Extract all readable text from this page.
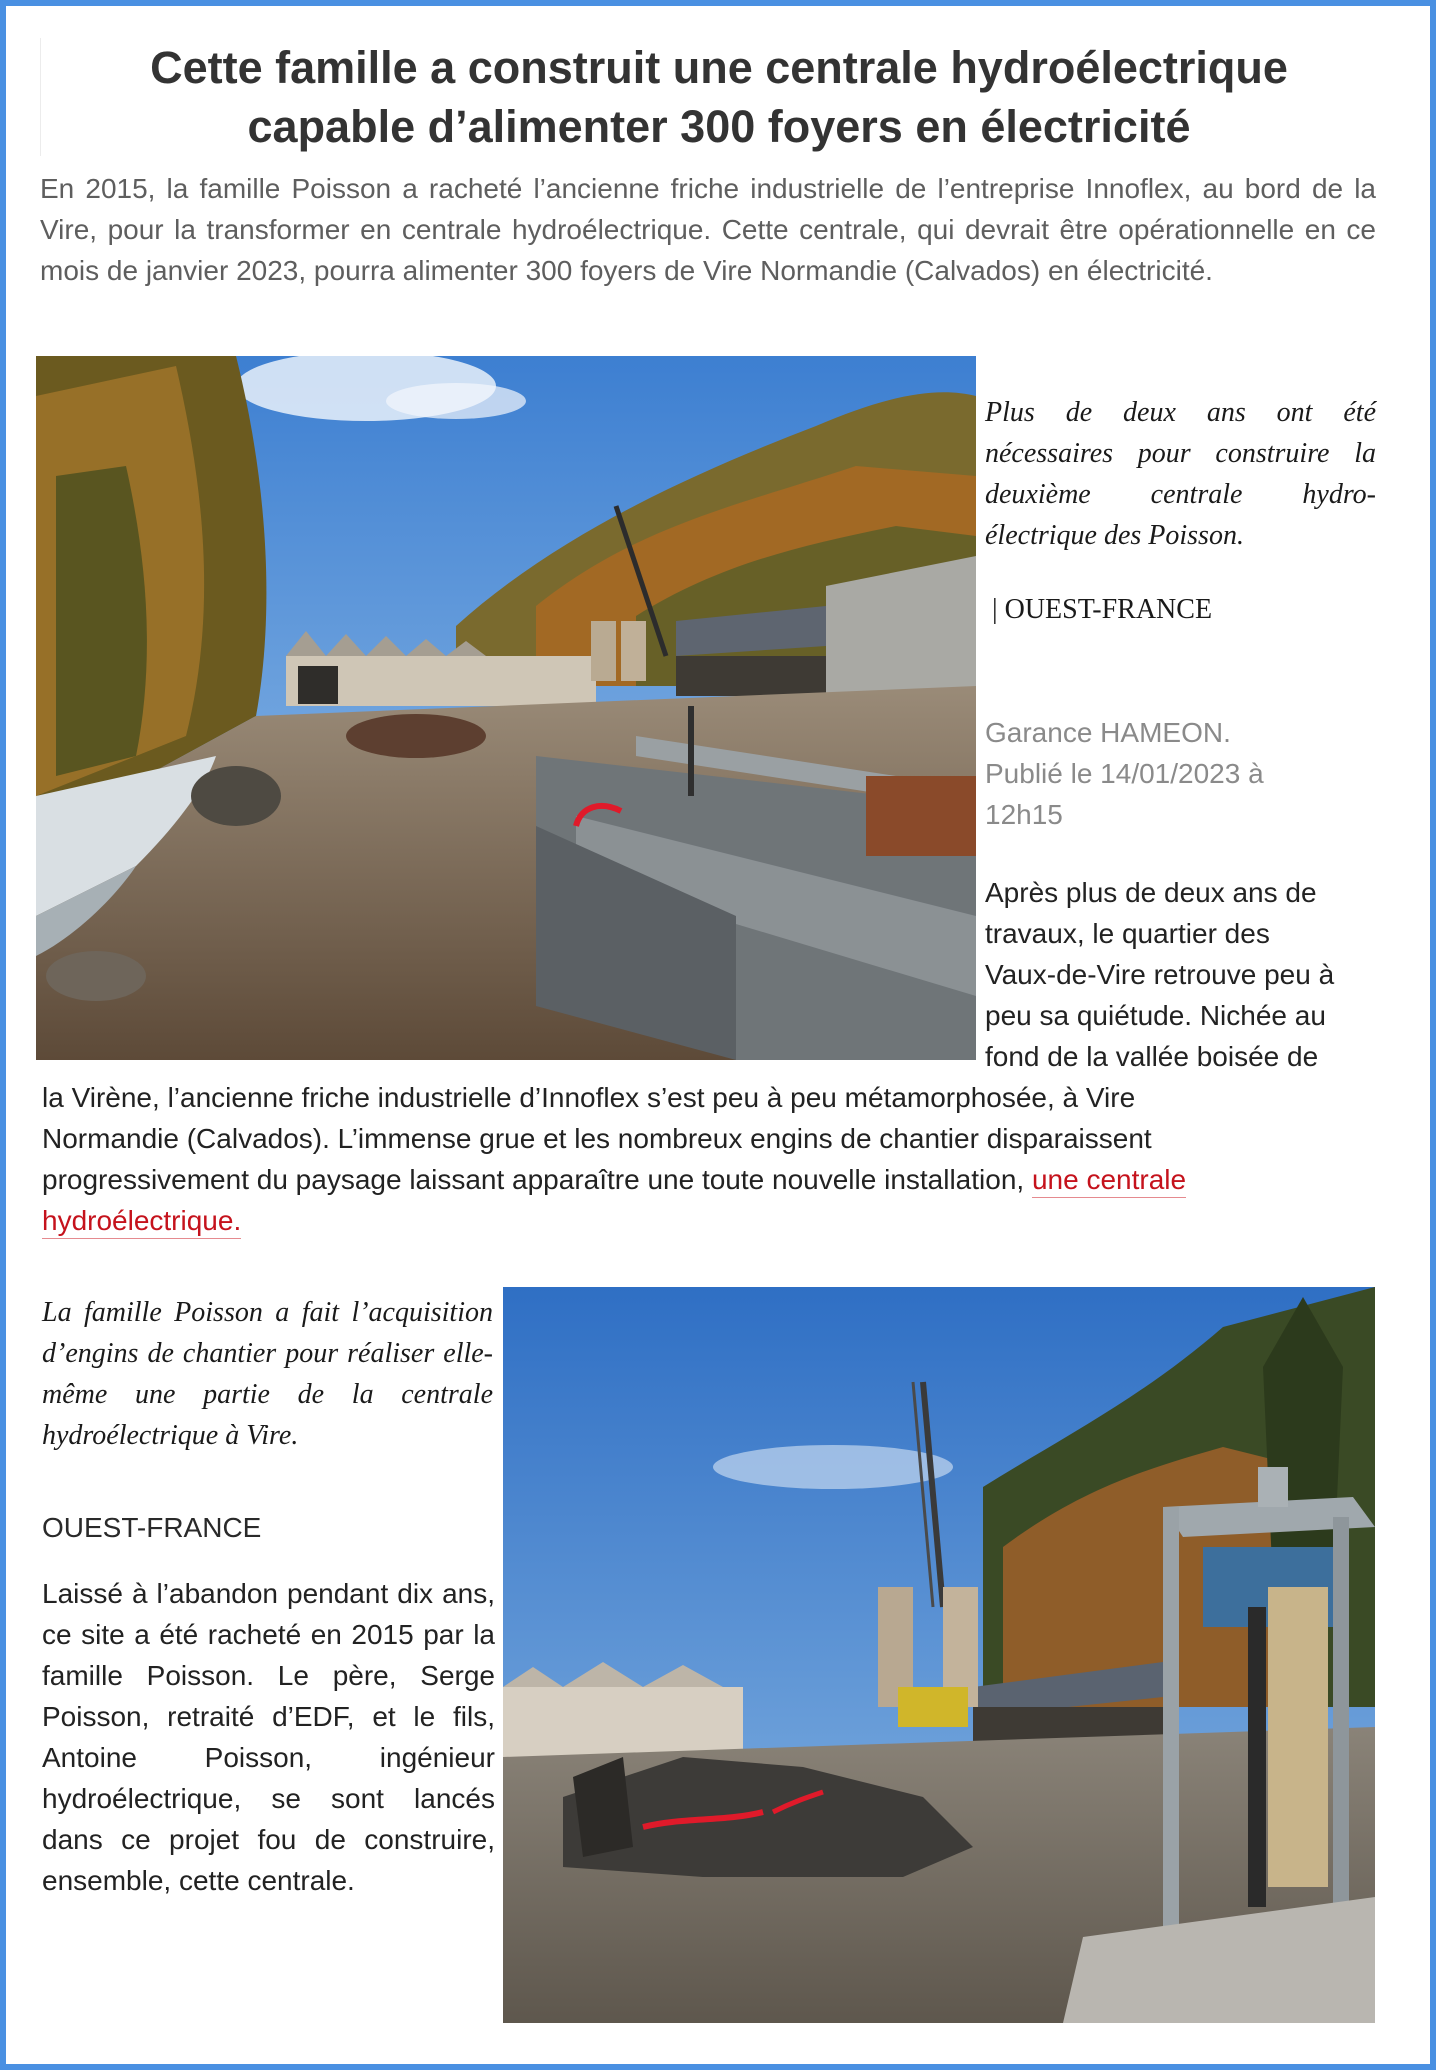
Cette famille a construit une centrale hydroélectrique
capable d’alimenter 300 foyers en électricité

En 2015, la famille Poisson a racheté l’ancienne friche industrielle de l’entreprise Innoflex, au bord de la Vire, pour la transformer en centrale hydroélectrique. Cette centrale, qui devrait être opérationnelle en ce mois de janvier 2023, pourra alimenter 300 foyers de Vire Normandie (Calvados) en électricité.

Plus de deux ans ont été nécessaires pour construire la deuxième centrale hydro-électrique des Poisson.

| OUEST-FRANCE

Garance HAMEON.
Publié le 14/01/2023 à
12h15

Après plus de deux ans de

travaux, le quartier des

Vaux-de-Vire retrouve peu à

peu sa quiétude. Nichée au

fond de la vallée boisée de

la Virène, l’ancienne friche industrielle d’Innoflex s’est peu à peu métamorphosée, à Vire

Normandie (Calvados). L’immense grue et les nombreux engins de chantier disparaissent

progressivement du paysage laissant apparaître une toute nouvelle installation, une centrale

hydroélectrique.

La famille Poisson a fait l’acquisition d’engins de chantier pour réaliser elle-même une partie de la centrale hydroélectrique à Vire.

OUEST-FRANCE

Laissé à l’abandon pendant dix ans, ce site a été racheté en 2015 par la famille Poisson. Le père, Serge Poisson, retraité d’EDF, et le fils, Antoine Poisson, ingénieur hydroélectrique, se sont lancés dans ce projet fou de construire, ensemble, cette centrale.
